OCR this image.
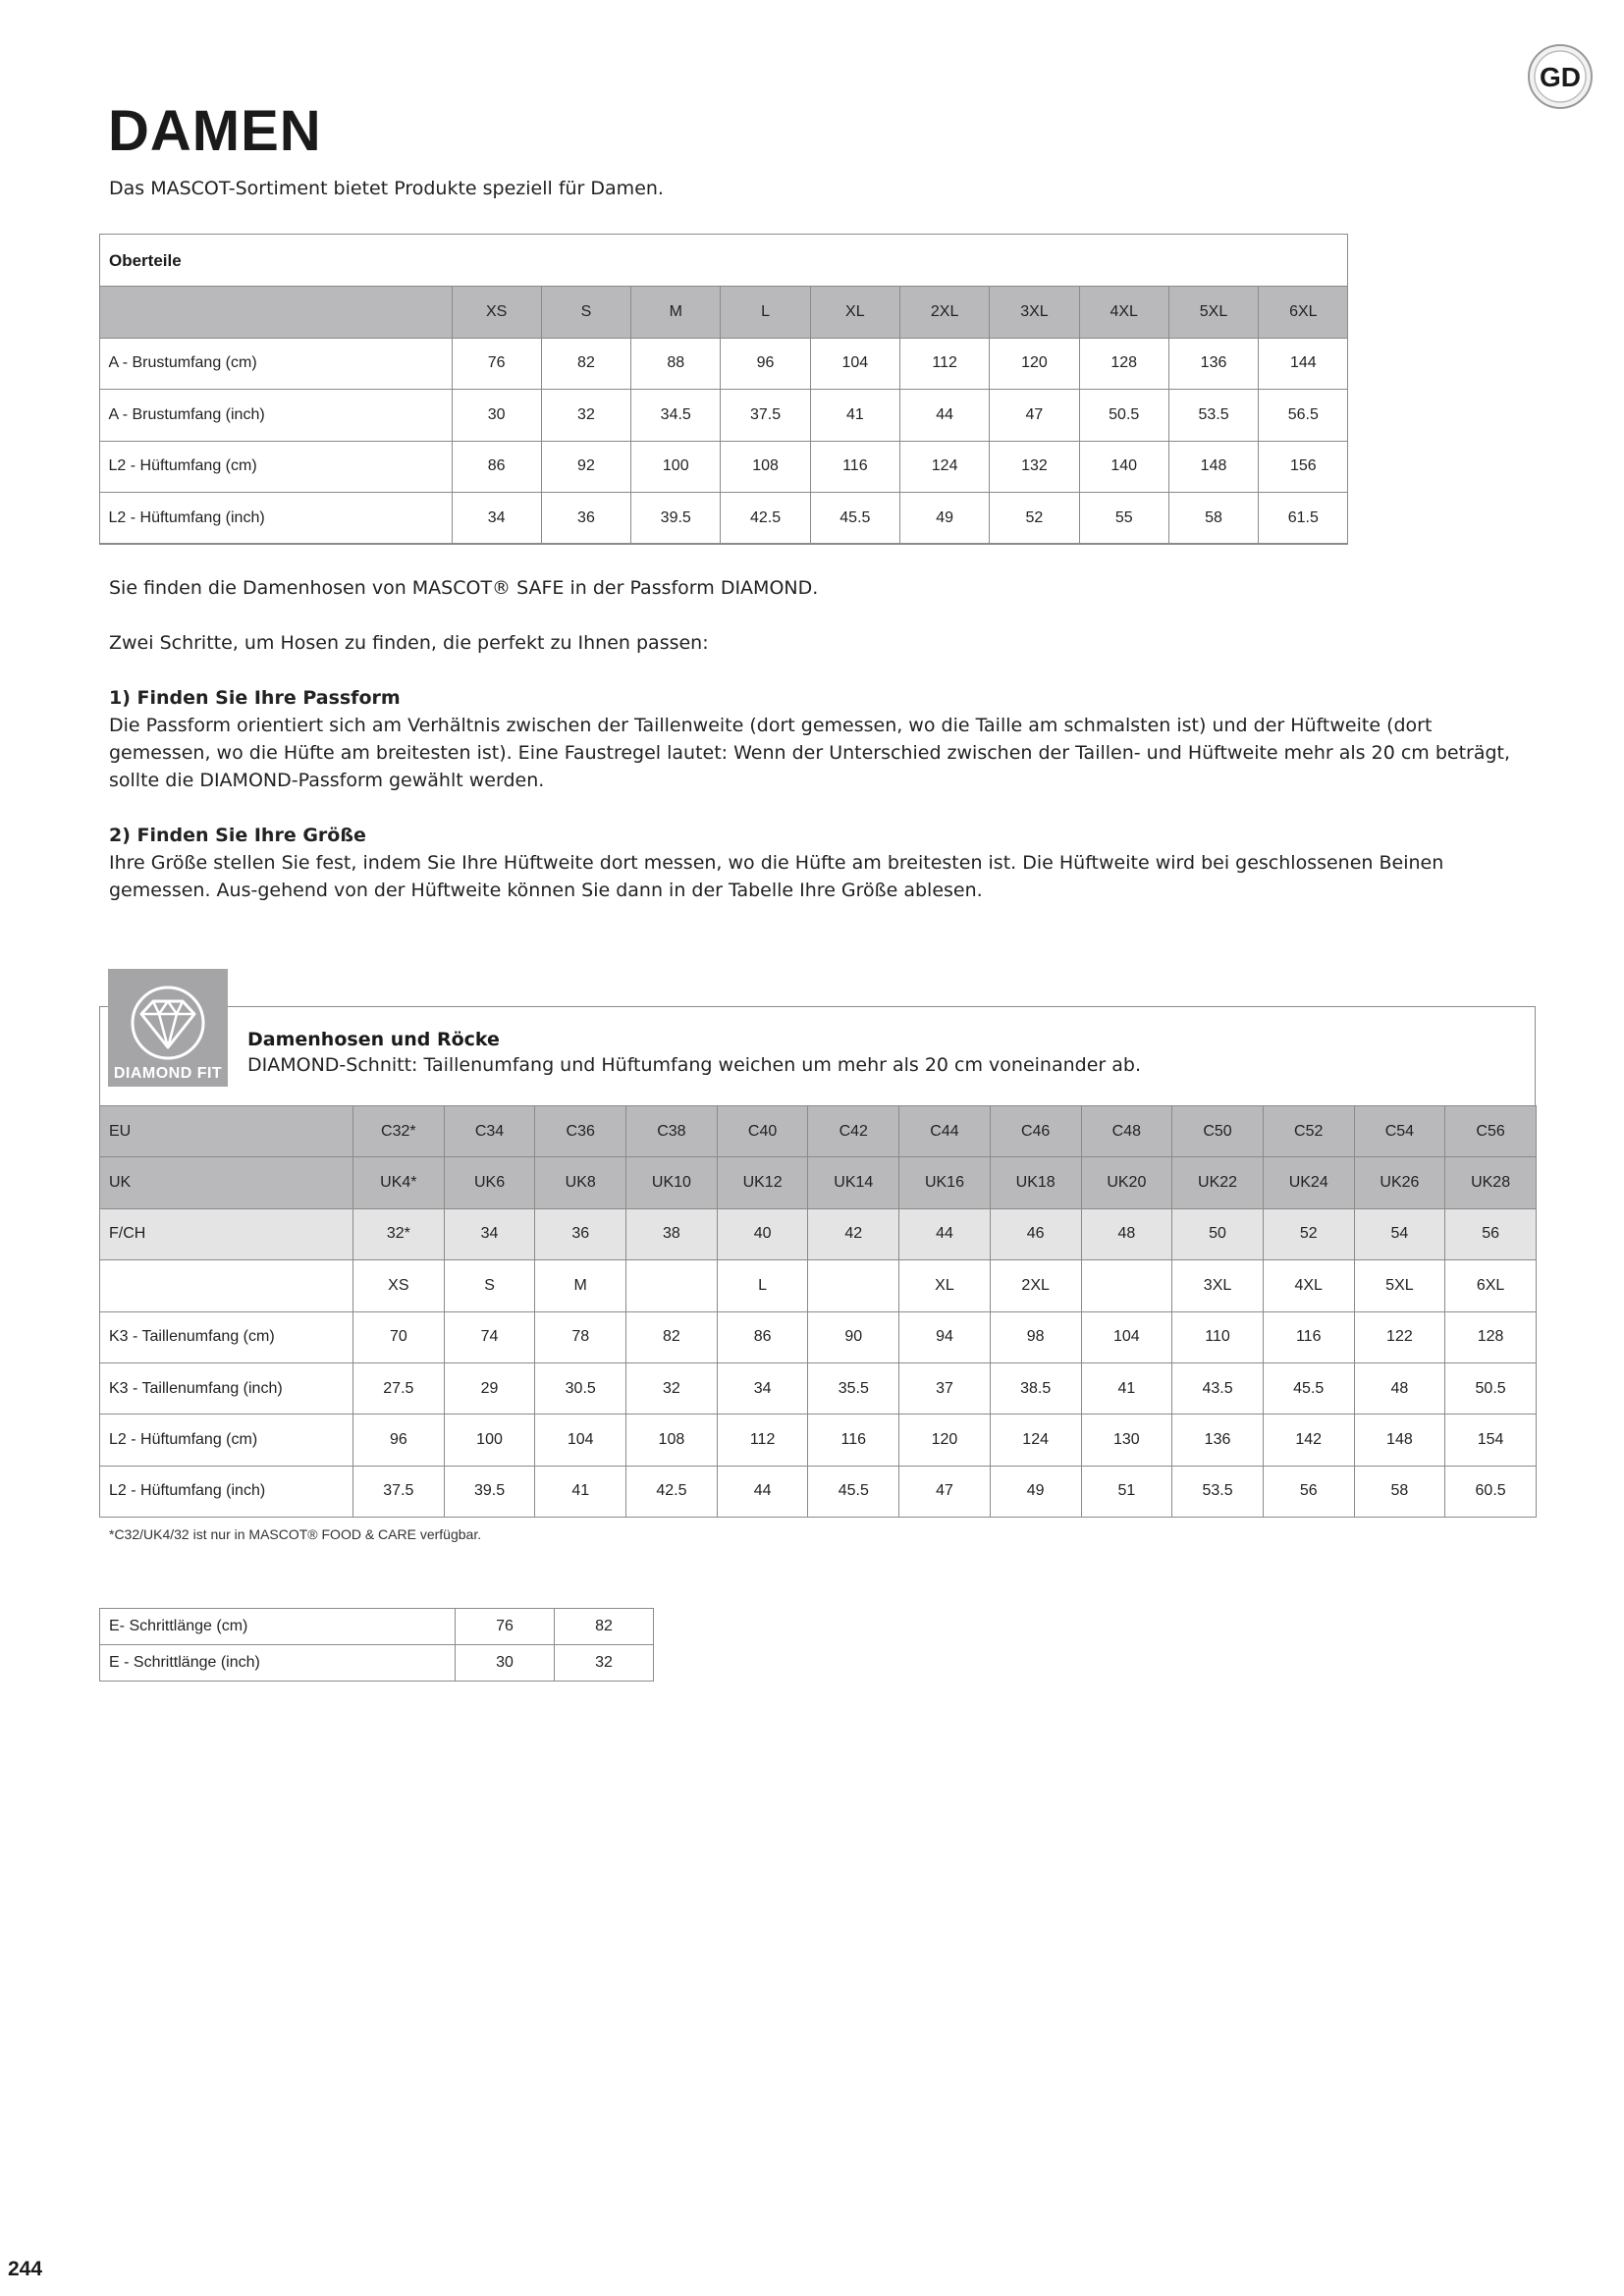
GD
DAMEN

Das MASCOT-Sortiment bietet Produkte speziell für Damen.

Oberteile
	XS	S	M	L	XL	2XL	3XL	4XL	5XL	6XL
A - Brustumfang (cm)	76	82	88	96	104	112	120	128	136	144
A - Brustumfang (inch)	30	32	34.5	37.5	41	44	47	50.5	53.5	56.5
L2 - Hüftumfang (cm)	86	92	100	108	116	124	132	140	148	156
L2 - Hüftumfang (inch)	34	36	39.5	42.5	45.5	49	52	55	58	61.5

Sie finden die Damenhosen von MASCOT® SAFE in der Passform DIAMOND.

Zwei Schritte, um Hosen zu finden, die perfekt zu Ihnen passen:

1) Finden Sie Ihre Passform

Die Passform orientiert sich am Verhältnis zwischen der Taillenweite (dort gemessen, wo die Taille am schmalsten ist) und der Hüftweite (dort gemessen, wo die Hüfte am breitesten ist). Eine Faustregel lautet: Wenn der Unterschied zwischen der Taillen- und Hüftweite mehr als 20 cm beträgt, sollte die DIAMOND-Passform gewählt werden.

2) Finden Sie Ihre Größe

Ihre Größe stellen Sie fest, indem Sie Ihre Hüftweite dort messen, wo die Hüfte am breitesten ist. Die Hüftweite wird bei geschlossenen Beinen gemessen. Aus-gehend von der Hüftweite können Sie dann in der Tabelle Ihre Größe ablesen.

Damenhosen und Röcke
DIAMOND-Schnitt: Taillenumfang und Hüftumfang weichen um mehr als 20 cm voneinander ab.
DIAMOND FIT
EU	C32*	C34	C36	C38	C40	C42	C44	C46	C48	C50	C52	C54	C56
UK	UK4*	UK6	UK8	UK10	UK12	UK14	UK16	UK18	UK20	UK22	UK24	UK26	UK28
F/CH	32*	34	36	38	40	42	44	46	48	50	52	54	56
	XS	S	M		L		XL	2XL		3XL	4XL	5XL	6XL
K3 - Taillenumfang (cm)	70	74	78	82	86	90	94	98	104	110	116	122	128
K3 - Taillenumfang (inch)	27.5	29	30.5	32	34	35.5	37	38.5	41	43.5	45.5	48	50.5
L2 - Hüftumfang (cm)	96	100	104	108	112	116	120	124	130	136	142	148	154
L2 - Hüftumfang (inch)	37.5	39.5	41	42.5	44	45.5	47	49	51	53.5	56	58	60.5

*C32/UK4/32 ist nur in MASCOT® FOOD & CARE verfügbar.

E- Schrittlänge (cm)	76	82
E - Schrittlänge (inch)	30	32
244
